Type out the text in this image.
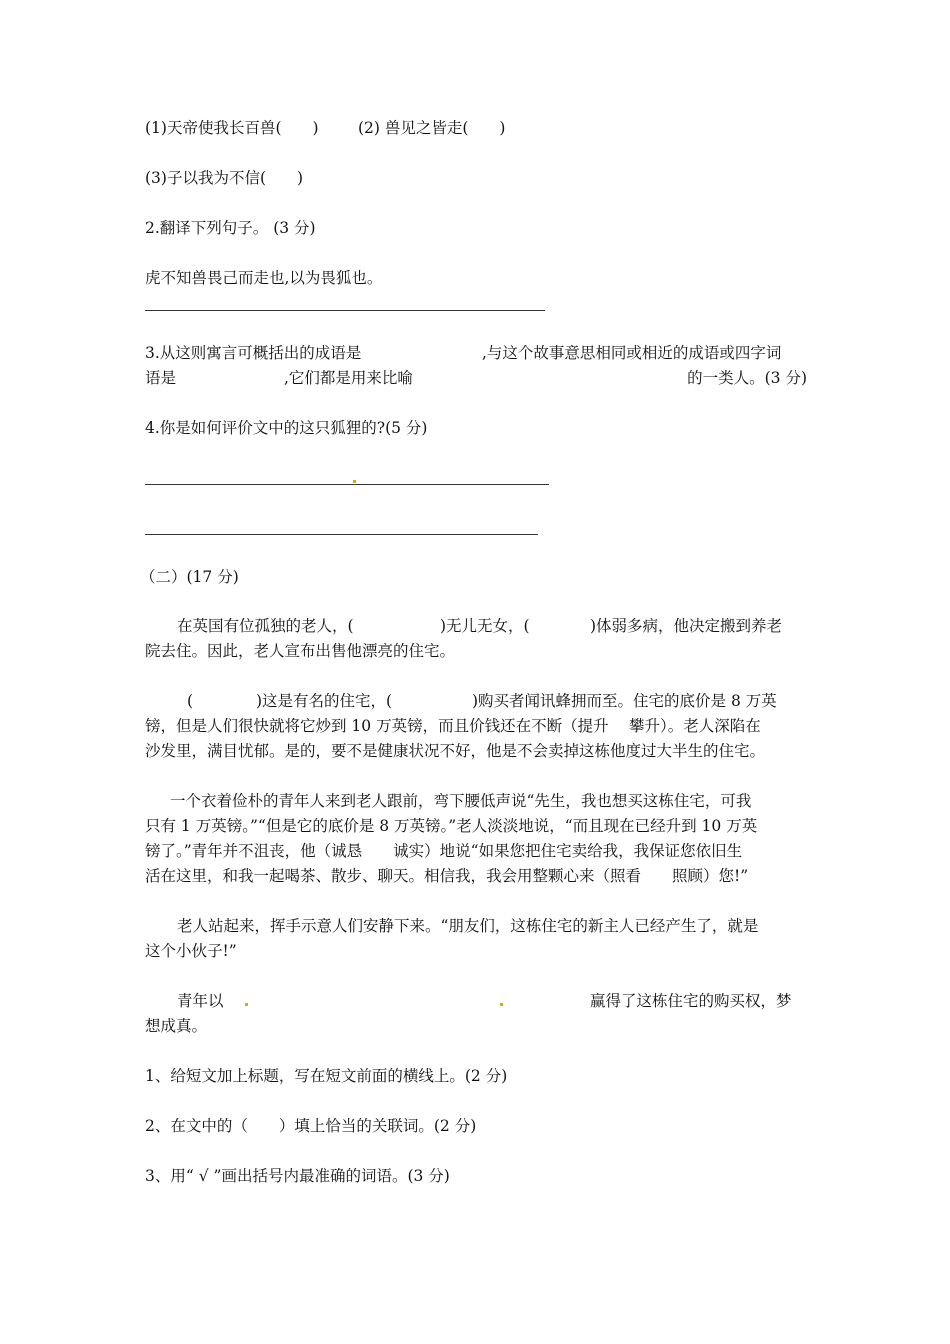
(1)天帝使我长百兽(　　)	(2) 兽见之皆走(　　)
(3)子以我为不信(　　)
2.翻译下列句子。 (3 分)
虎不知兽畏己而走也,以为畏狐也。
3.从这则寓言可概括出的成语是	,与这个故事意思相同或相近的成语或四字词
语是	,它们都是用来比喻	的一类人。(3 分)
4.你是如何评价文中的这只狐狸的?(5 分)
（二）(17 分)
在英国有位孤独的老人，(	)无儿无女，(	)体弱多病，他决定搬到养老
院去住。因此，老人宣布出售他漂亮的住宅。
(	)这是有名的住宅，(	)购买者闻讯蜂拥而至。住宅的底价是 8 万英
镑，但是人们很快就将它炒到 10 万英镑，而且价钱还在不断（提升　 攀升）。老人深陷在
沙发里，满目忧郁。是的，要不是健康状况不好，他是不会卖掉这栋他度过大半生的住宅。
一个衣着俭朴的青年人来到老人跟前，弯下腰低声说“先生，我也想买这栋住宅，可我
只有 1 万英镑。”“但是它的底价是 8 万英镑。”老人淡淡地说，“而且现在已经升到 10 万英
镑了。”青年并不沮丧，他（诚恳　　诚实）地说“如果您把住宅卖给我，我保证您依旧生
活在这里，和我一起喝茶、散步、聊天。相信我，我会用整颗心来（照看　　照顾）您!”
老人站起来，挥手示意人们安静下来。“朋友们，这栋住宅的新主人已经产生了，就是
这个小伙子!”
青年以	赢得了这栋住宅的购买权，梦
想成真。
1、给短文加上标题，写在短文前面的横线上。(2 分)
2、在文中的（　　）填上恰当的关联词。(2 分)
3、用“ √ ”画出括号内最准确的词语。(3 分)
